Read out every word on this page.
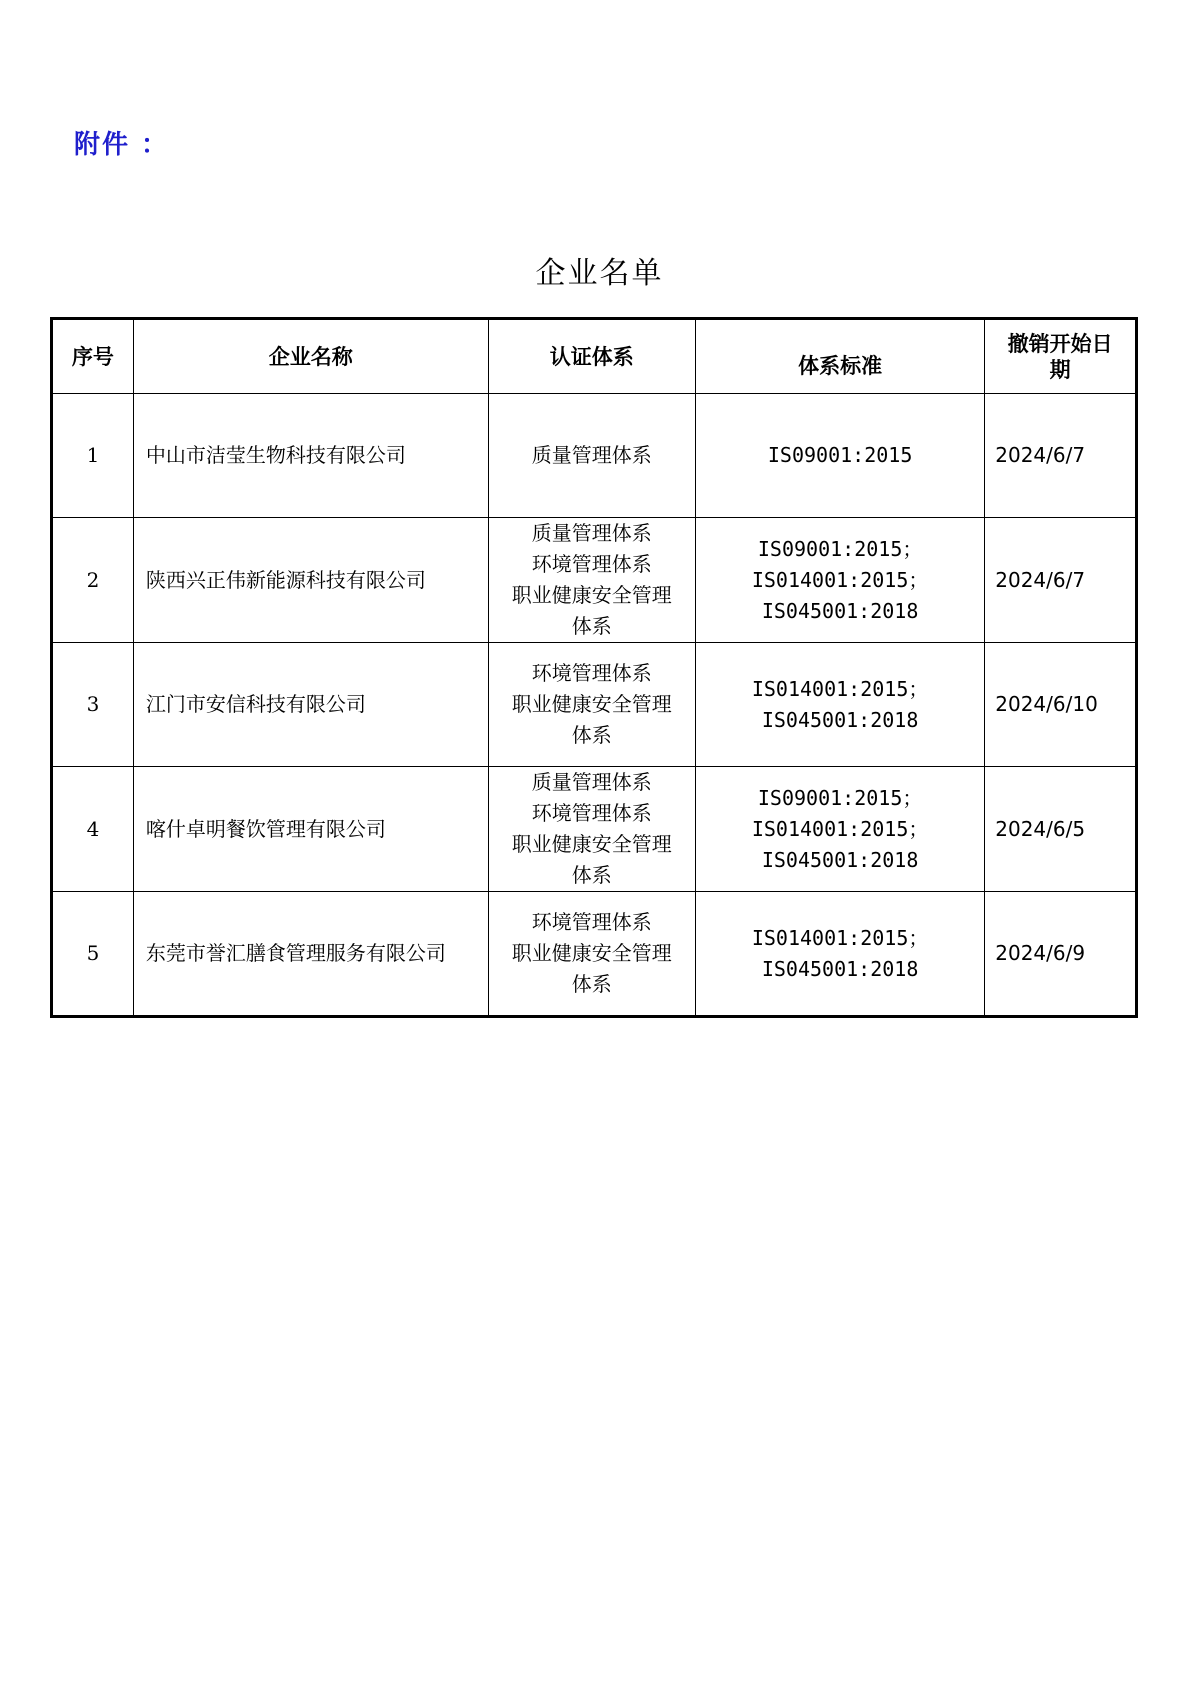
附件 ：
企业名单
序号	企业名称	认证体系	体系标准	撤销开始日
期

1	中山市洁莹生物科技有限公司	质量管理体系	IS09001:2015	2024/6/7
2	陕西兴正伟新能源科技有限公司	质量管理体系
环境管理体系
职业健康安全管理
体系	IS09001:2015；
IS014001:2015；
IS045001:2018	2024/6/7
3	江门市安信科技有限公司	环境管理体系
职业健康安全管理
体系	IS014001:2015；
IS045001:2018	2024/6/10
4	喀什卓明餐饮管理有限公司	质量管理体系
环境管理体系
职业健康安全管理
体系	IS09001:2015；
IS014001:2015；
IS045001:2018	2024/6/5
5	东莞市誉汇膳食管理服务有限公司	环境管理体系
职业健康安全管理
体系	IS014001:2015；
IS045001:2018	2024/6/9
